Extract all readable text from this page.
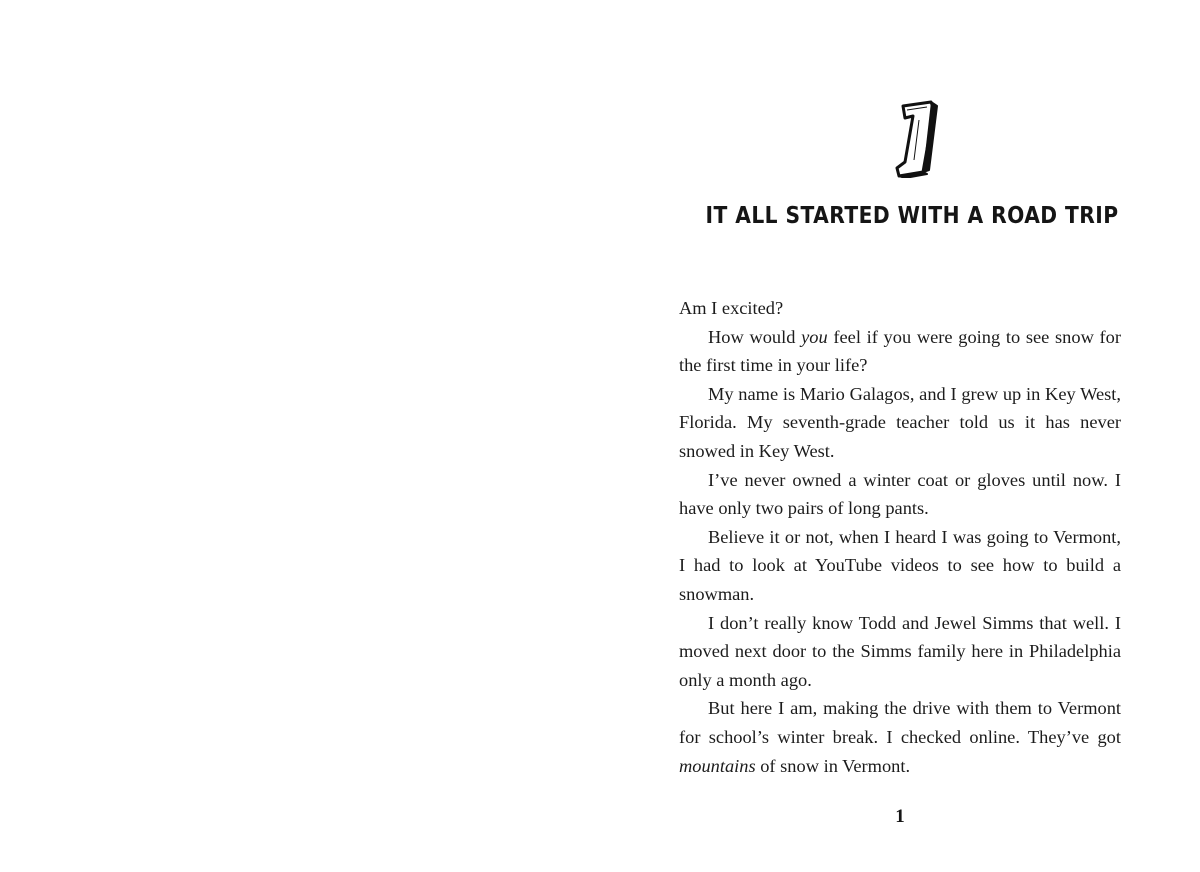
IT ALL STARTED WITH A ROAD TRIP

Am I excited?

How would you feel if you were going to see snow for the first time in your life?

My name is Mario Galagos, and I grew up in Key West, Florida. My seventh-grade teacher told us it has never snowed in Key West.

I’ve never owned a winter coat or gloves until now. I have only two pairs of long pants.

Believe it or not, when I heard I was going to Vermont, I had to look at YouTube videos to see how to build a snowman.

I don’t really know Todd and Jewel Simms that well. I moved next door to the Simms family here in Philadelphia only a month ago.

But here I am, making the drive with them to Vermont for school’s winter break. I checked online. They’ve got mountains of snow in Vermont.

1
